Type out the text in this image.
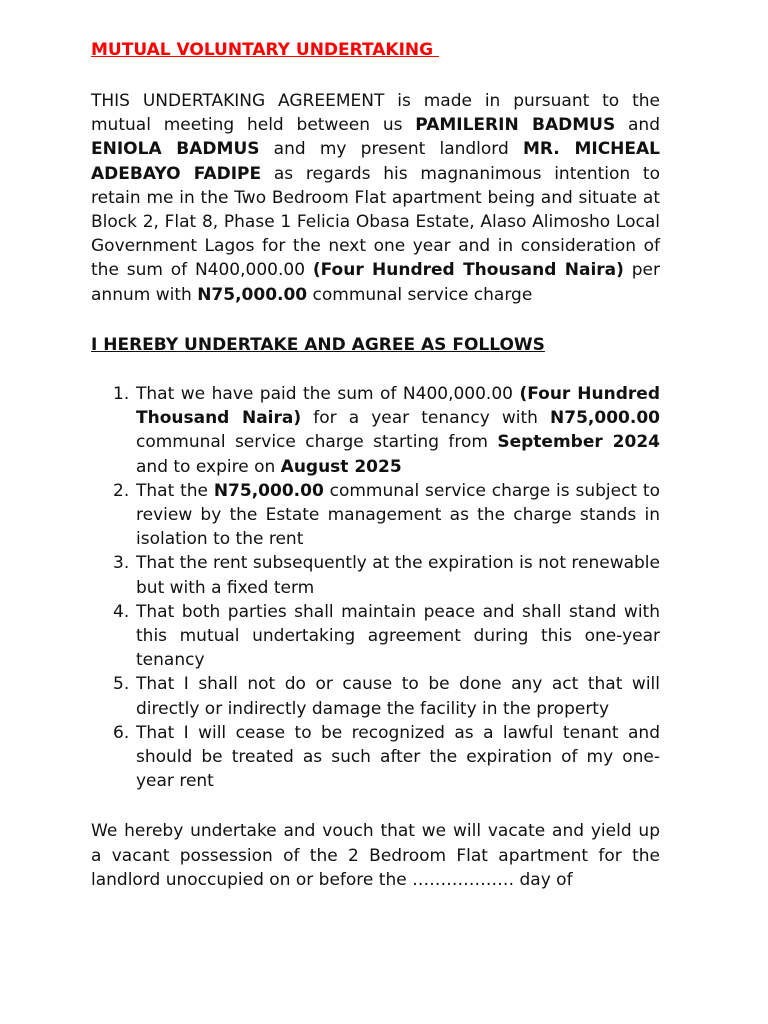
MUTUAL VOLUNTARY UNDERTAKING

THIS UNDERTAKING AGREEMENT is made in pursuant to the mutual meeting held between us PAMILERIN BADMUS and ENIOLA BADMUS and my present landlord MR. MICHEAL ADEBAYO FADIPE as regards his magnanimous intention to retain me in the Two Bedroom Flat apartment being and situate at Block 2, Flat 8, Phase 1 Felicia Obasa Estate, Alaso Alimosho Local Government Lagos for the next one year and in consideration of the sum of N400,000.00 (Four Hundred Thousand Naira) per annum with N75,000.00 communal service charge

I HEREBY UNDERTAKE AND AGREE AS FOLLOWS

1. That we have paid the sum of N400,000.00 (Four Hundred Thousand Naira) for a year tenancy with N75,000.00 communal service charge starting from September 2024 and to expire on August 2025
2. That the N75,000.00 communal service charge is subject to review by the Estate management as the charge stands in isolation to the rent
3. That the rent subsequently at the expiration is not renewable but with a fixed term
4. That both parties shall maintain peace and shall stand with this mutual undertaking agreement during this one-year tenancy
5. That I shall not do or cause to be done any act that will directly or indirectly damage the facility in the property
6. That I will cease to be recognized as a lawful tenant and should be treated as such after the expiration of my one-year rent

We hereby undertake and vouch that we will vacate and yield up a vacant possession of the 2 Bedroom Flat apartment for the landlord unoccupied on or before the ……………… day of
